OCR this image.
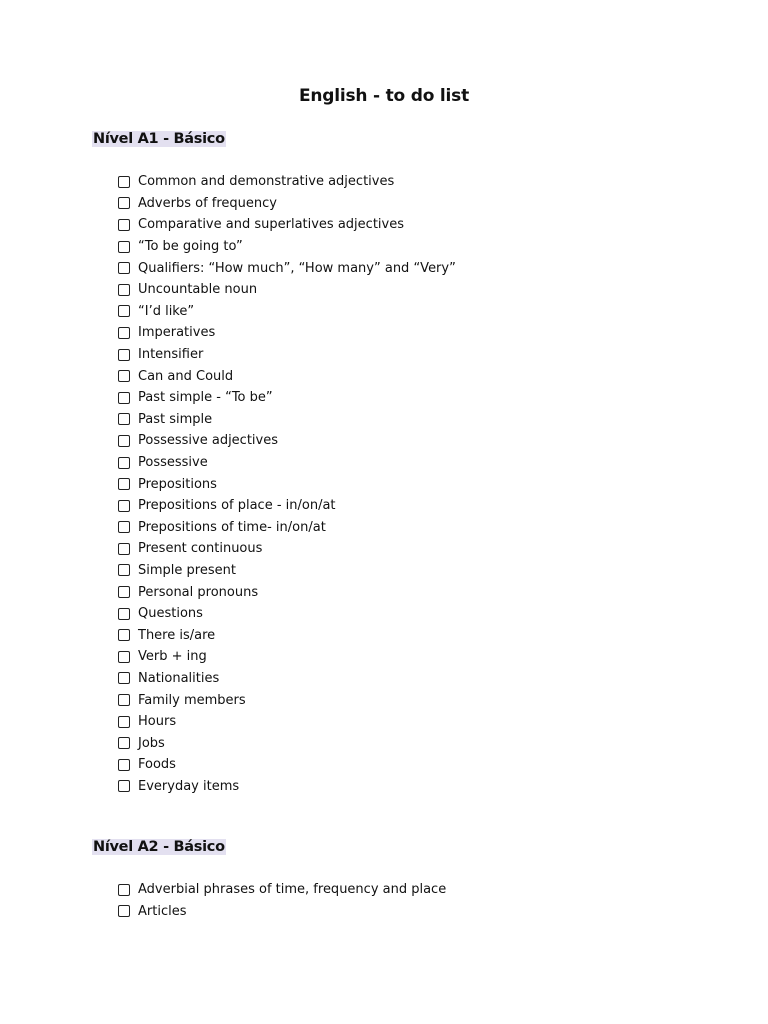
English - to do list
Nível A1 - Básico
Common and demonstrative adjectives
Adverbs of frequency
Comparative and superlatives adjectives
“To be going to”
Qualifiers: “How much”, “How many” and “Very”
Uncountable noun
“I’d like”
Imperatives
Intensifier
Can and Could
Past simple - “To be”
Past simple
Possessive adjectives
Possessive
Prepositions
Prepositions of place - in/on/at
Prepositions of time- in/on/at
Present continuous
Simple present
Personal pronouns
Questions
There is/are
Verb + ing
Nationalities
Family members
Hours
Jobs
Foods
Everyday items
Nível A2 - Básico
Adverbial phrases of time, frequency and place
Articles
